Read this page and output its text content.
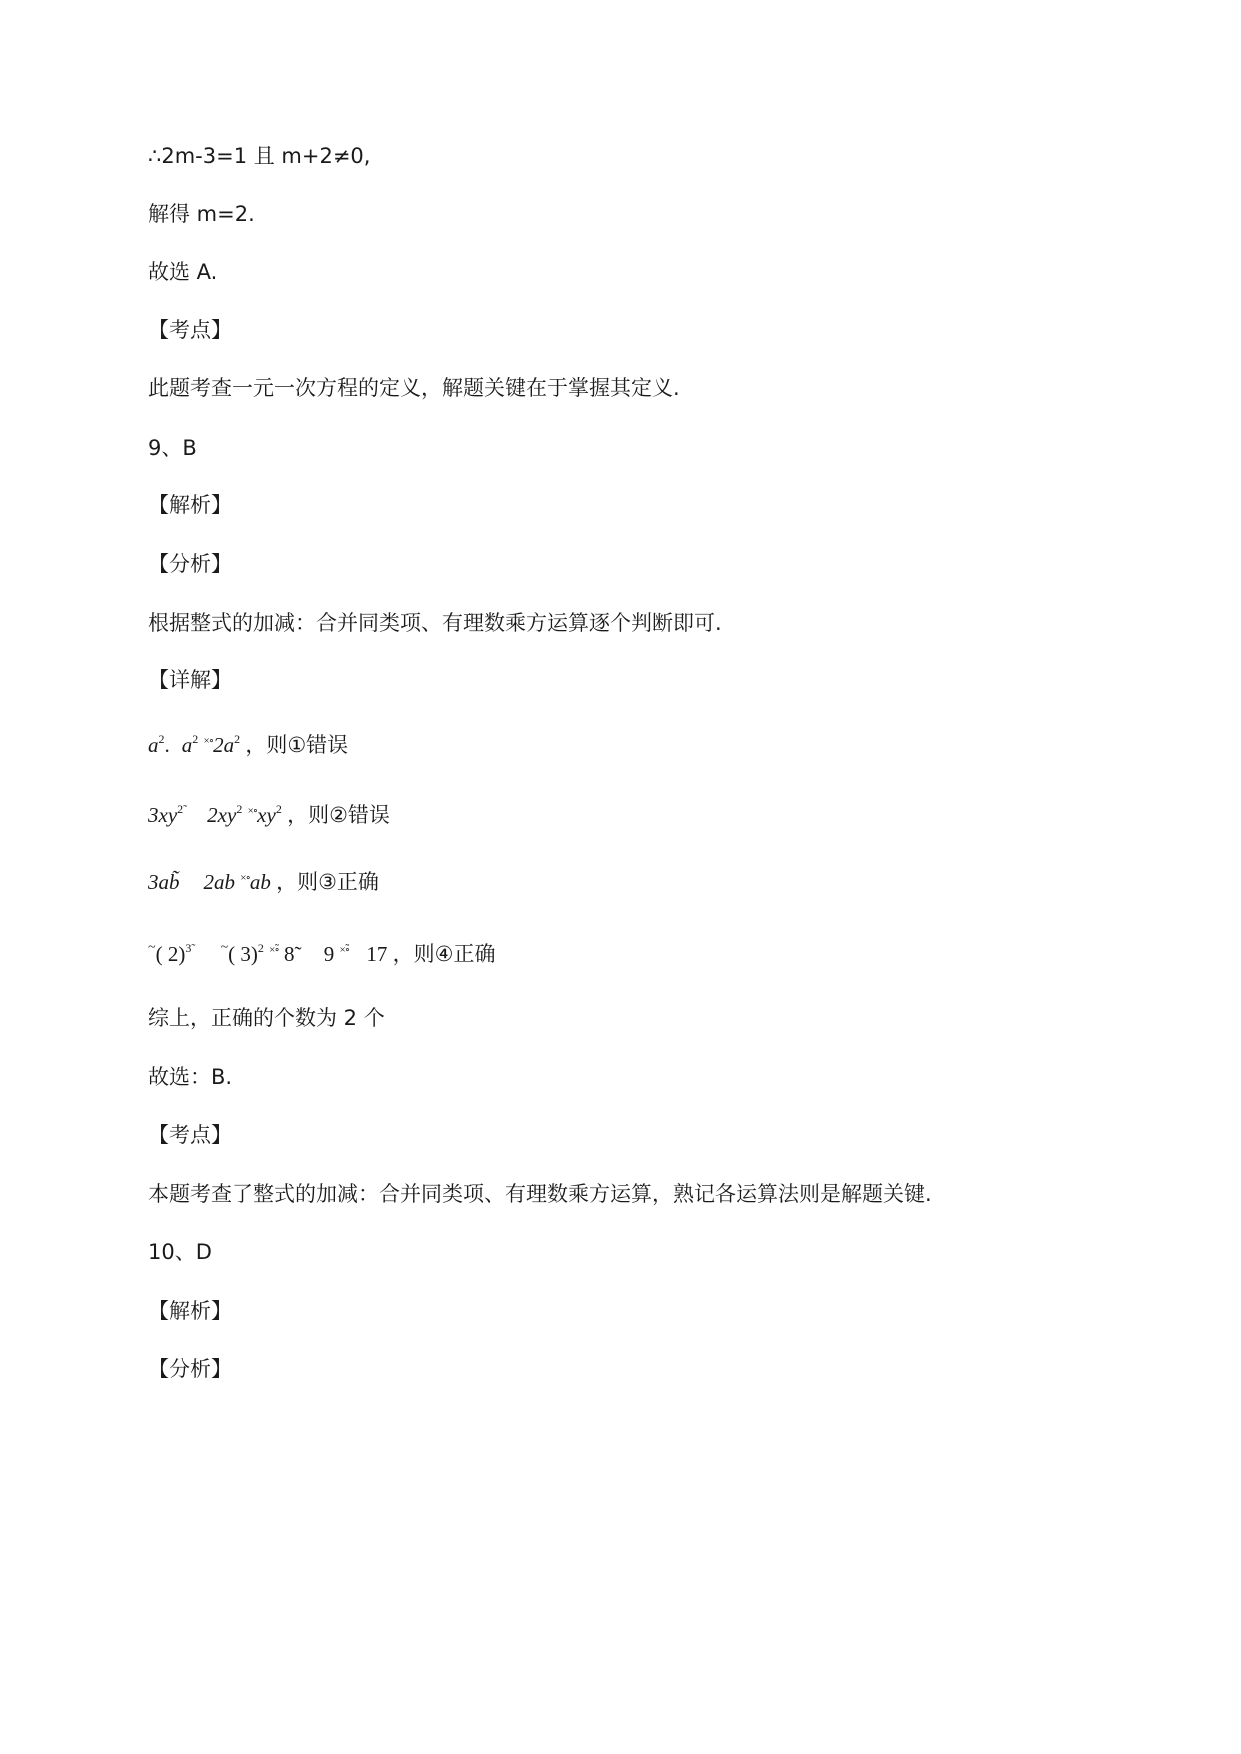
∴2m-3=1 且 m+2≠0,
解得 m=2.
故选 A.
【考点】
此题考查一元一次方程的定义，解题关键在于掌握其定义.
9、B
【解析】
【分析】
根据整式的加减：合并同类项、有理数乘方运算逐个判断即可.
【详解】
$a^2$. $a^2$ $^{\times\circ}2a^2$ ，则①错误
$3xy^{2̃}$ $2xy^2$ $^{\times\circ}xy^2$ ，则②错误
3ab̃ 2ab ×∘ab ，则③正确
~( 2)$^{3̃}$ ~( 3)$^2$ ×∘̃ 8̃ 9 ×∘̃ 17 ，则④正确
综上，正确的个数为 2 个
故选：B.
【考点】
本题考查了整式的加减：合并同类项、有理数乘方运算，熟记各运算法则是解题关键.
10、D
【解析】
【分析】
